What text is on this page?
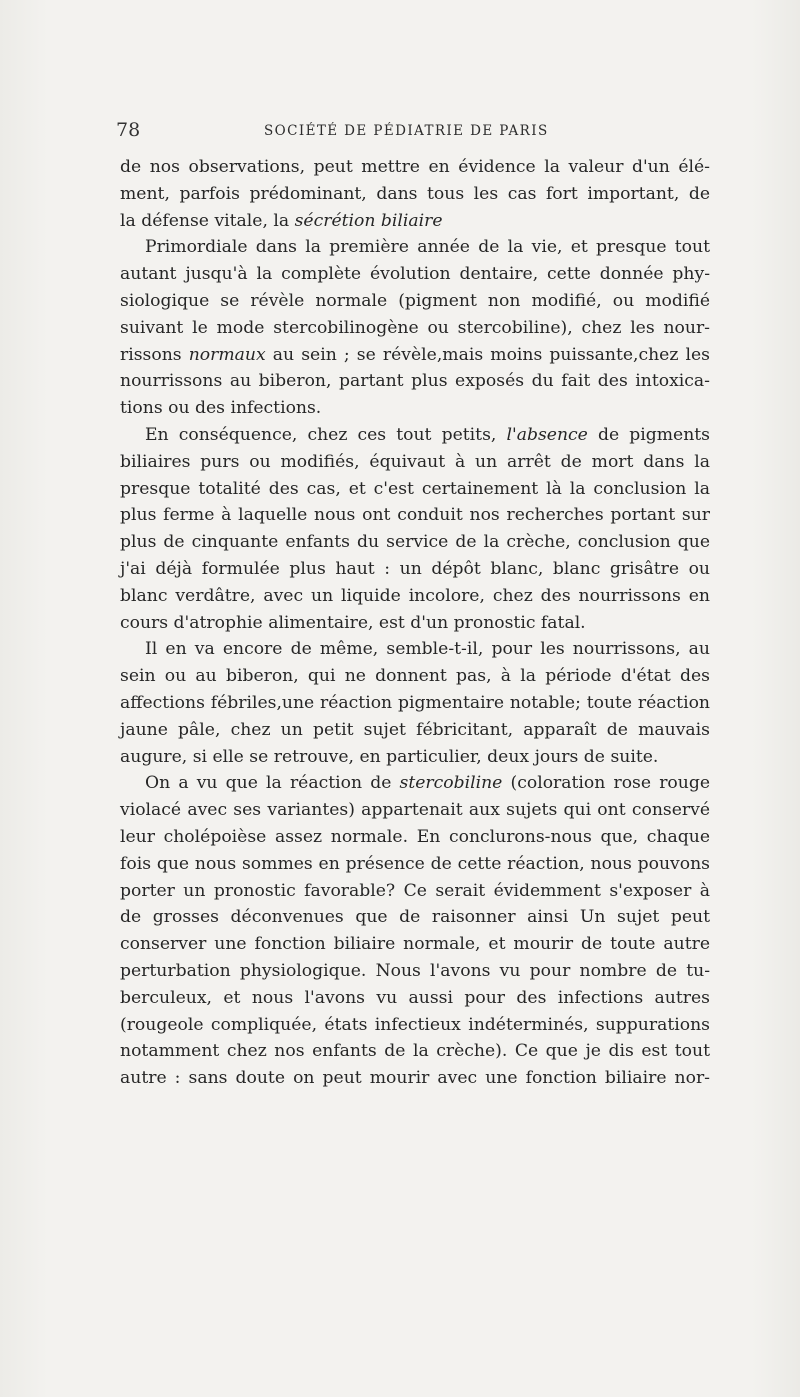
78	SOCIÉTÉ DE PÉDIATRIE DE PARIS
de nos observations, peut mettre en évidence la valeur d'un élé-
ment, parfois prédominant, dans tous les cas fort important, de
la défense vitale, la sécrétion biliaire
Primordiale dans la première année de la vie, et presque tout
autant jusqu'à la complète évolution dentaire, cette donnée phy-
siologique se révèle normale (pigment non modifié, ou modifié
suivant le mode stercobilinogène ou stercobiline), chez les nour-
rissons normaux au sein ; se révèle,mais moins puissante,chez les
nourrissons au biberon, partant plus exposés du fait des intoxica-
tions ou des infections.
En conséquence, chez ces tout petits, l'absence de pigments
biliaires purs ou modifiés, équivaut à un arrêt de mort dans la
presque totalité des cas, et c'est certainement là la conclusion la
plus ferme à laquelle nous ont conduit nos recherches portant sur
plus de cinquante enfants du service de la crèche, conclusion que
j'ai déjà formulée plus haut : un dépôt blanc, blanc grisâtre ou
blanc verdâtre, avec un liquide incolore, chez des nourrissons en
cours d'atrophie alimentaire, est d'un pronostic fatal.
Il en va encore de même, semble-t-il, pour les nourrissons, au
sein ou au biberon, qui ne donnent pas, à la période d'état des
affections fébriles,une réaction pigmentaire notable; toute réaction
jaune pâle, chez un petit sujet fébricitant, apparaît de mauvais
augure, si elle se retrouve, en particulier, deux jours de suite.
On a vu que la réaction de stercobiline (coloration rose rouge
violacé avec ses variantes) appartenait aux sujets qui ont conservé
leur cholépoièse assez normale. En conclurons-nous que, chaque
fois que nous sommes en présence de cette réaction, nous pouvons
porter un pronostic favorable? Ce serait évidemment s'exposer à
de grosses déconvenues que de raisonner ainsi Un sujet peut
conserver une fonction biliaire normale, et mourir de toute autre
perturbation physiologique. Nous l'avons vu pour nombre de tu-
berculeux, et nous l'avons vu aussi pour des infections autres
(rougeole compliquée, états infectieux indéterminés, suppurations
notamment chez nos enfants de la crèche). Ce que je dis est tout
autre : sans doute on peut mourir avec une fonction biliaire nor-
